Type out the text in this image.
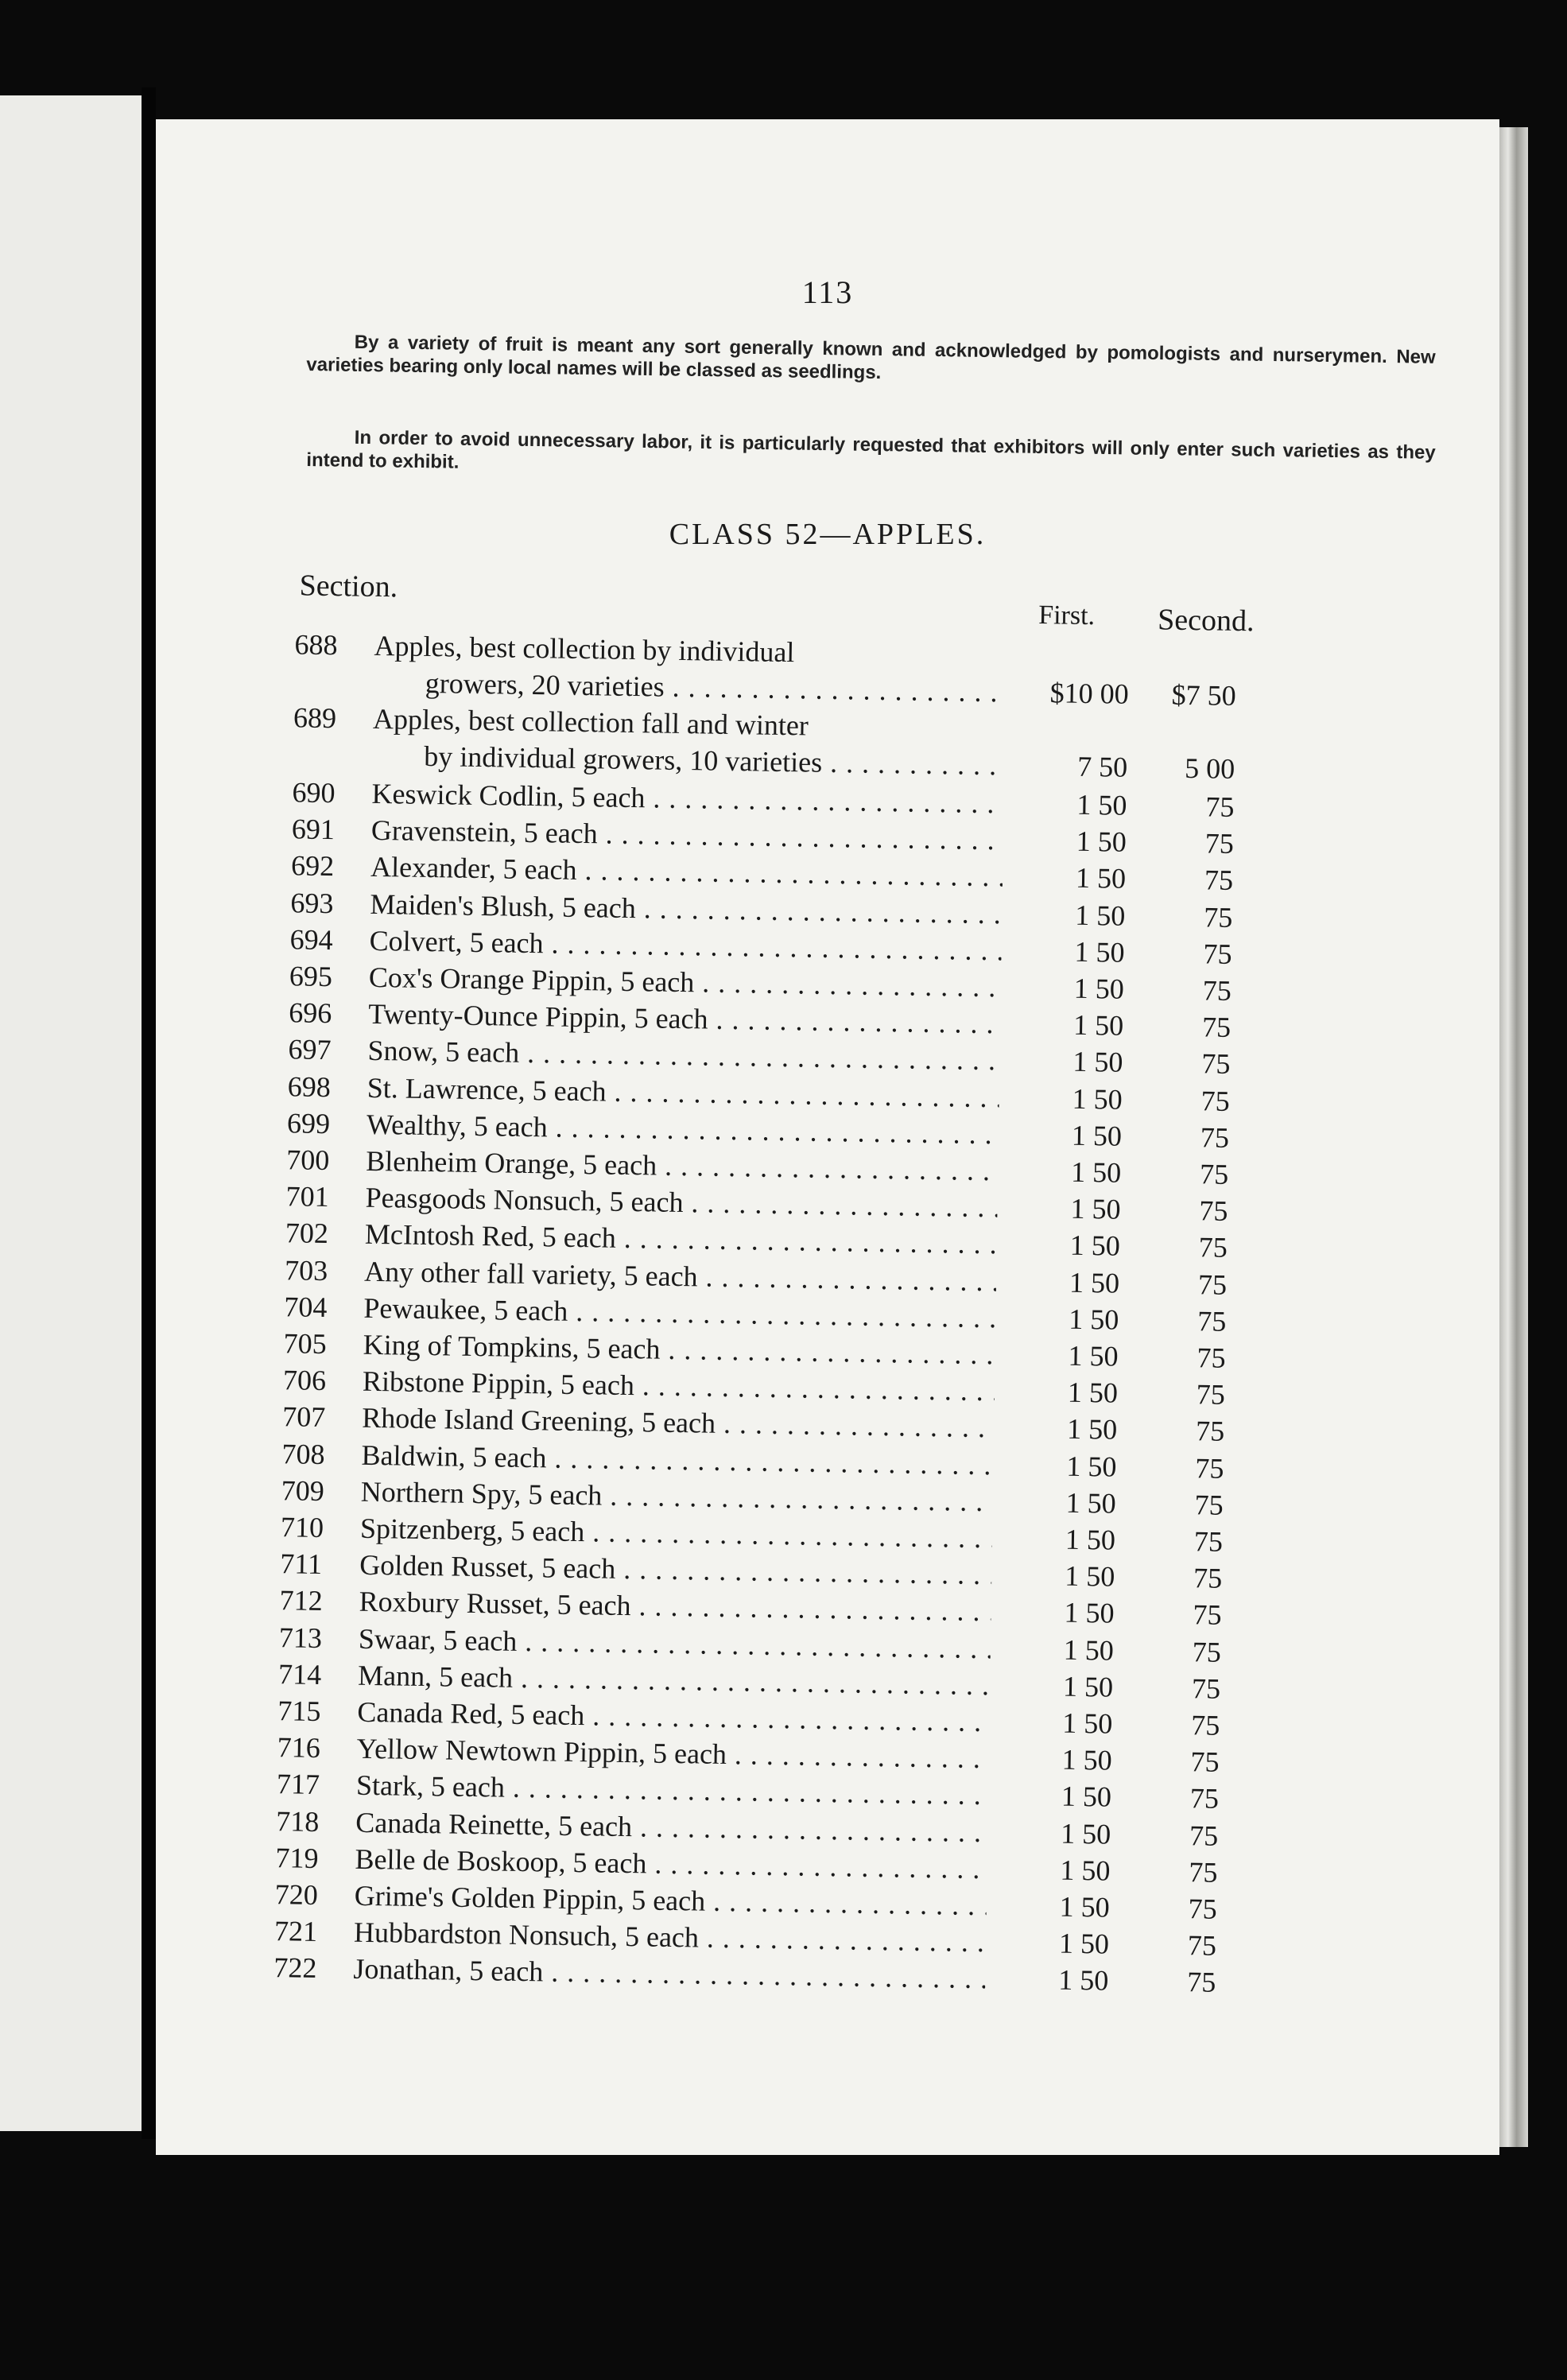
113

By a variety of fruit is meant any sort generally known and acknowledged by pomologists and nurserymen. New varieties bearing only local names will be classed as seedlings.

In order to avoid unnecessary labor, it is particularly requested that exhibitors will only enter such varieties as they intend to exhibit.

CLASS 52—APPLES.
Section.
First. Second.
688	Apples, best collection by individual
growers, 20 varieties . . .	$10 00	$7 50
689	Apples, best collection fall and winter
by individual growers, 10 varieties . . .	7 50	5 00
690	Keswick Codlin, 5 each . . .	1 50	75
691	Gravenstein, 5 each . . .	1 50	75
692	Alexander, 5 each . . .	1 50	75
693	Maiden's Blush, 5 each . . .	1 50	75
694	Colvert, 5 each . . .	1 50	75
695	Cox's Orange Pippin, 5 each . . .	1 50	75
696	Twenty-Ounce Pippin, 5 each . . .	1 50	75
697	Snow, 5 each . . .	1 50	75
698	St. Lawrence, 5 each . . .	1 50	75
699	Wealthy, 5 each . . .	1 50	75
700	Blenheim Orange, 5 each . . .	1 50	75
701	Peasgoods Nonsuch, 5 each . . .	1 50	75
702	McIntosh Red, 5 each . . .	1 50	75
703	Any other fall variety, 5 each . . .	1 50	75
704	Pewaukee, 5 each . . .	1 50	75
705	King of Tompkins, 5 each . . .	1 50	75
706	Ribstone Pippin, 5 each . . .	1 50	75
707	Rhode Island Greening, 5 each . . .	1 50	75
708	Baldwin, 5 each . . .	1 50	75
709	Northern Spy, 5 each . . .	1 50	75
710	Spitzenberg, 5 each . . .	1 50	75
711	Golden Russet, 5 each . . .	1 50	75
712	Roxbury Russet, 5 each . . .	1 50	75
713	Swaar, 5 each . . .	1 50	75
714	Mann, 5 each . . .	1 50	75
715	Canada Red, 5 each . . .	1 50	75
716	Yellow Newtown Pippin, 5 each . . .	1 50	75
717	Stark, 5 each . . .	1 50	75
718	Canada Reinette, 5 each . . .	1 50	75
719	Belle de Boskoop, 5 each . . .	1 50	75
720	Grime's Golden Pippin, 5 each . . .	1 50	75
721	Hubbardston Nonsuch, 5 each . . .	1 50	75
722	Jonathan, 5 each . . .	1 50	75
